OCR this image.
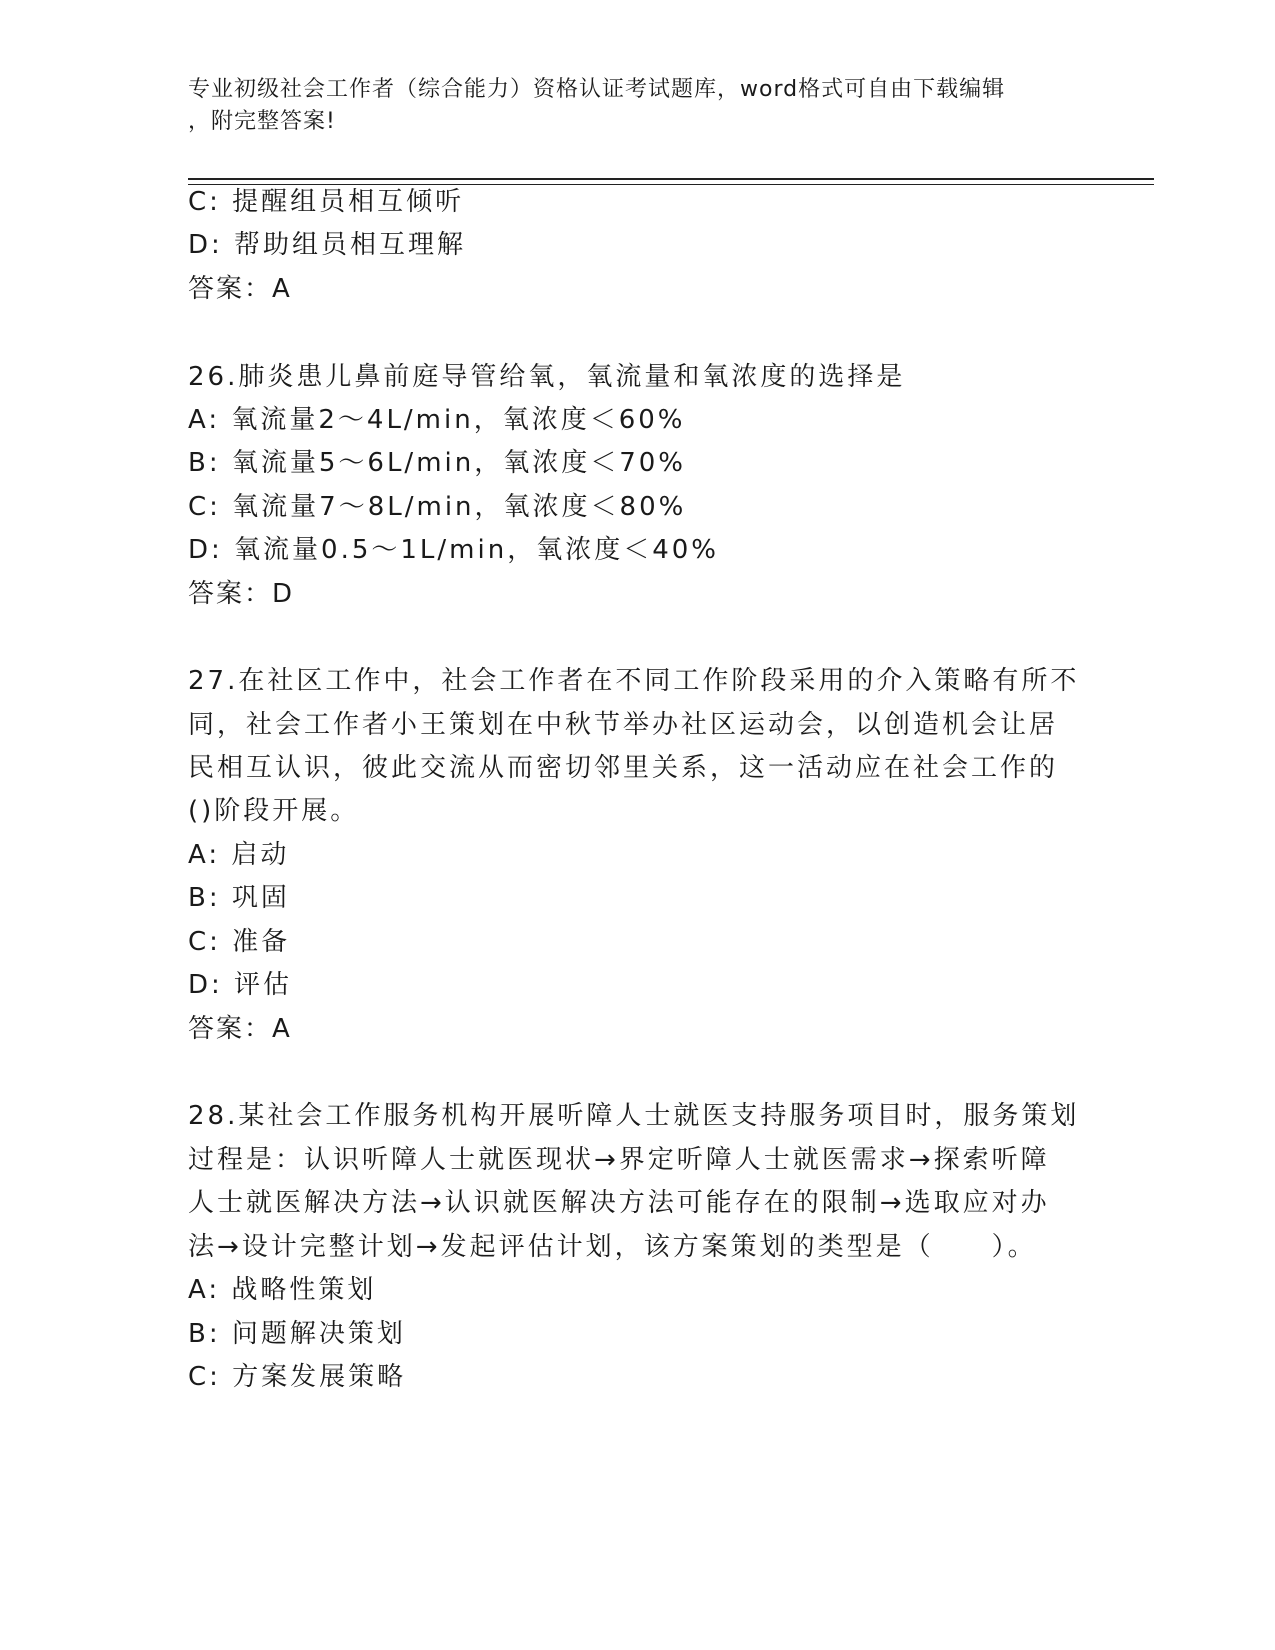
专业初级社会工作者（综合能力）资格认证考试题库，word格式可自由下载编辑
，附完整答案!
C: 提醒组员相互倾听
D: 帮助组员相互理解
答案：A
26.肺炎患儿鼻前庭导管给氧，氧流量和氧浓度的选择是
A: 氧流量2～4L/min，氧浓度＜60%
B: 氧流量5～6L/min，氧浓度＜70%
C: 氧流量7～8L/min，氧浓度＜80%
D: 氧流量0.5～1L/min，氧浓度＜40%
答案：D
27.在社区工作中，社会工作者在不同工作阶段采用的介入策略有所不
同，社会工作者小王策划在中秋节举办社区运动会，以创造机会让居
民相互认识，彼此交流从而密切邻里关系，这一活动应在社会工作的
()阶段开展。
A: 启动
B: 巩固
C: 准备
D: 评估
答案：A
28.某社会工作服务机构开展听障人士就医支持服务项目时，服务策划
过程是：认识听障人士就医现状→界定听障人士就医需求→探索听障
人士就医解决方法→认识就医解决方法可能存在的限制→选取应对办
法→设计完整计划→发起评估计划，该方案策划的类型是（　　）。
A: 战略性策划
B: 问题解决策划
C: 方案发展策略
